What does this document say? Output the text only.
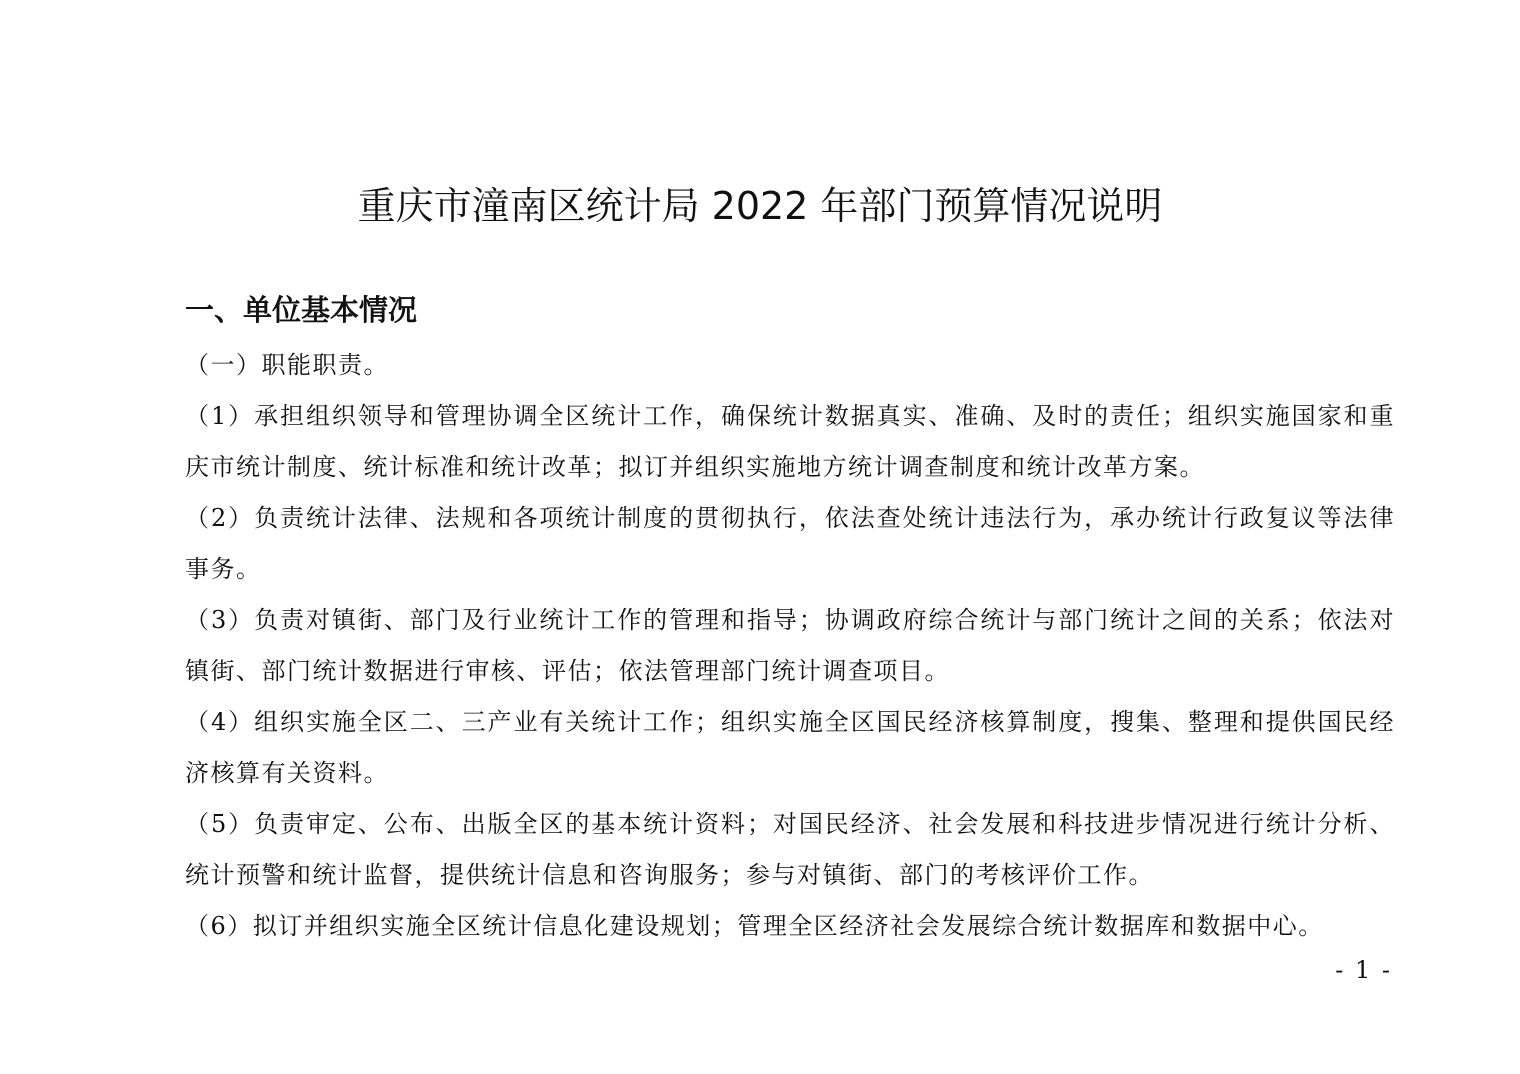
重庆市潼南区统计局 2022 年部门预算情况说明
一、单位基本情况

（一）职能职责。

（1）承担组织领导和管理协调全区统计工作，确保统计数据真实、准确、及时的责任；组织实施国家和重庆市统计制度、统计标准和统计改革；拟订并组织实施地方统计调查制度和统计改革方案。

（2）负责统计法律、法规和各项统计制度的贯彻执行，依法查处统计违法行为，承办统计行政复议等法律事务。

（3）负责对镇街、部门及行业统计工作的管理和指导；协调政府综合统计与部门统计之间的关系；依法对镇街、部门统计数据进行审核、评估；依法管理部门统计调查项目。

（4）组织实施全区二、三产业有关统计工作；组织实施全区国民经济核算制度，搜集、整理和提供国民经济核算有关资料。

（5）负责审定、公布、出版全区的基本统计资料；对国民经济、社会发展和科技进步情况进行统计分析、统计预警和统计监督，提供统计信息和咨询服务；参与对镇街、部门的考核评价工作。

（6）拟订并组织实施全区统计信息化建设规划；管理全区经济社会发展综合统计数据库和数据中心。

- 1 -
